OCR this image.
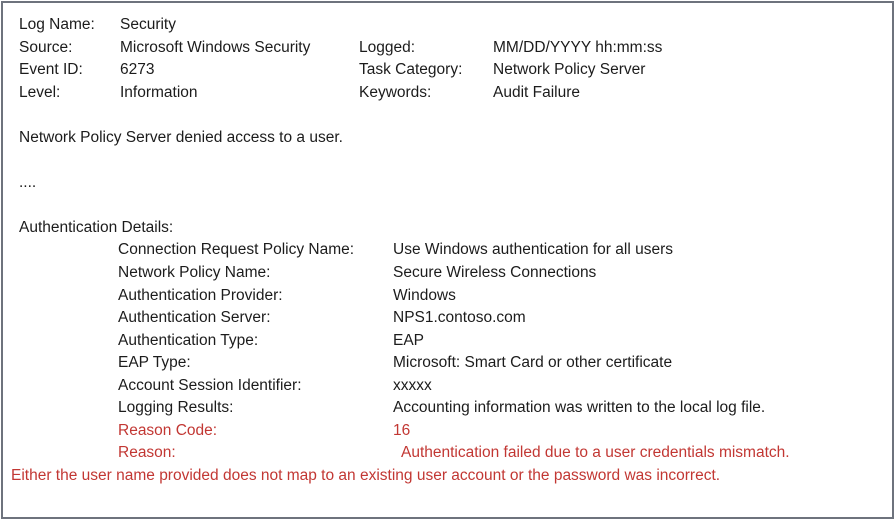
Log Name: Security
Source:	Microsoft Windows Security	Logged:	MM/DD/YYYY hh:mm:ss
Event ID: 6273	Task Category: Network Policy Server
Level:	Information	Keywords:	Audit Failure
Network Policy Server denied access to a user.
....
Authentication Details:
Connection Request Policy Name:	Use Windows authentication for all users
Network Policy Name:	Secure Wireless Connections
Authentication Provider:	Windows
Authentication Server:	NPS1.contoso.com
Authentication Type:	EAP
EAP Type:	Microsoft: Smart Card or other certificate
Account Session Identifier:	xxxxx
Logging Results:	Accounting information was written to the local log file.
Reason Code:	16
Reason:	Authentication failed due to a user credentials mismatch.
Either the user name provided does not map to an existing user account or the password was incorrect.
